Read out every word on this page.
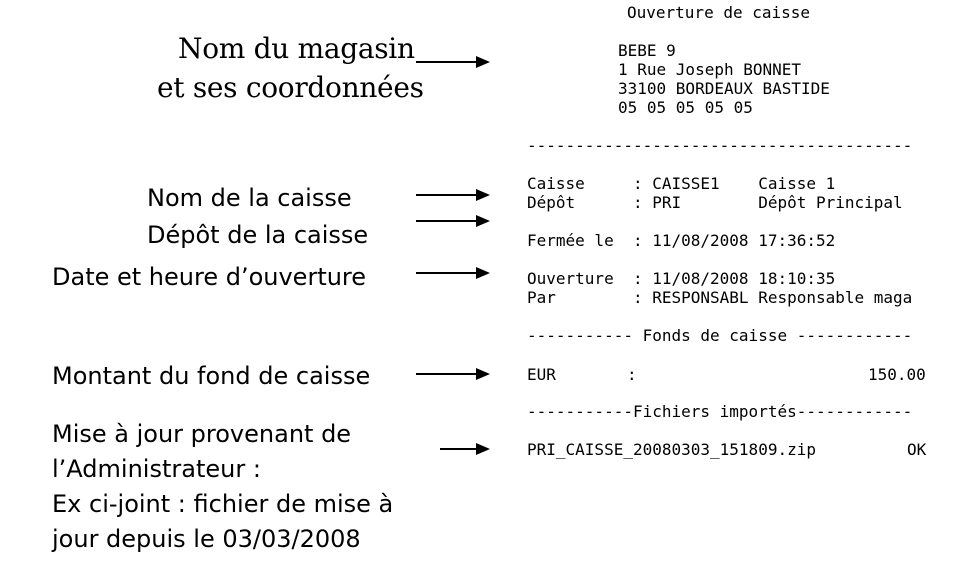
Nom du magasin
et ses coordonnées
Nom de la caisse
Dépôt de la caisse
Date et heure d’ouverture
Montant du fond de caisse
Mise à jour provenant de
l’Administrateur :
Ex ci-joint : fichier de mise à
jour depuis le 03/03/2008
Ouverture de caisse
BEBE 9
1 Rue Joseph BONNET
33100 BORDEAUX BASTIDE
05 05 05 05 05
----------------------------------------
Caisse     : CAISSE1    Caisse 1
Dépôt      : PRI        Dépôt Principal
Fermée le  : 11/08/2008 17:36:52
Ouverture  : 11/08/2008 18:10:35
Par        : RESPONSABL Responsable maga
----------- Fonds de caisse ------------
EUR	:	150.00
-----------Fichiers importés------------
PRI_CAISSE_20080303_151809.zip	OK
